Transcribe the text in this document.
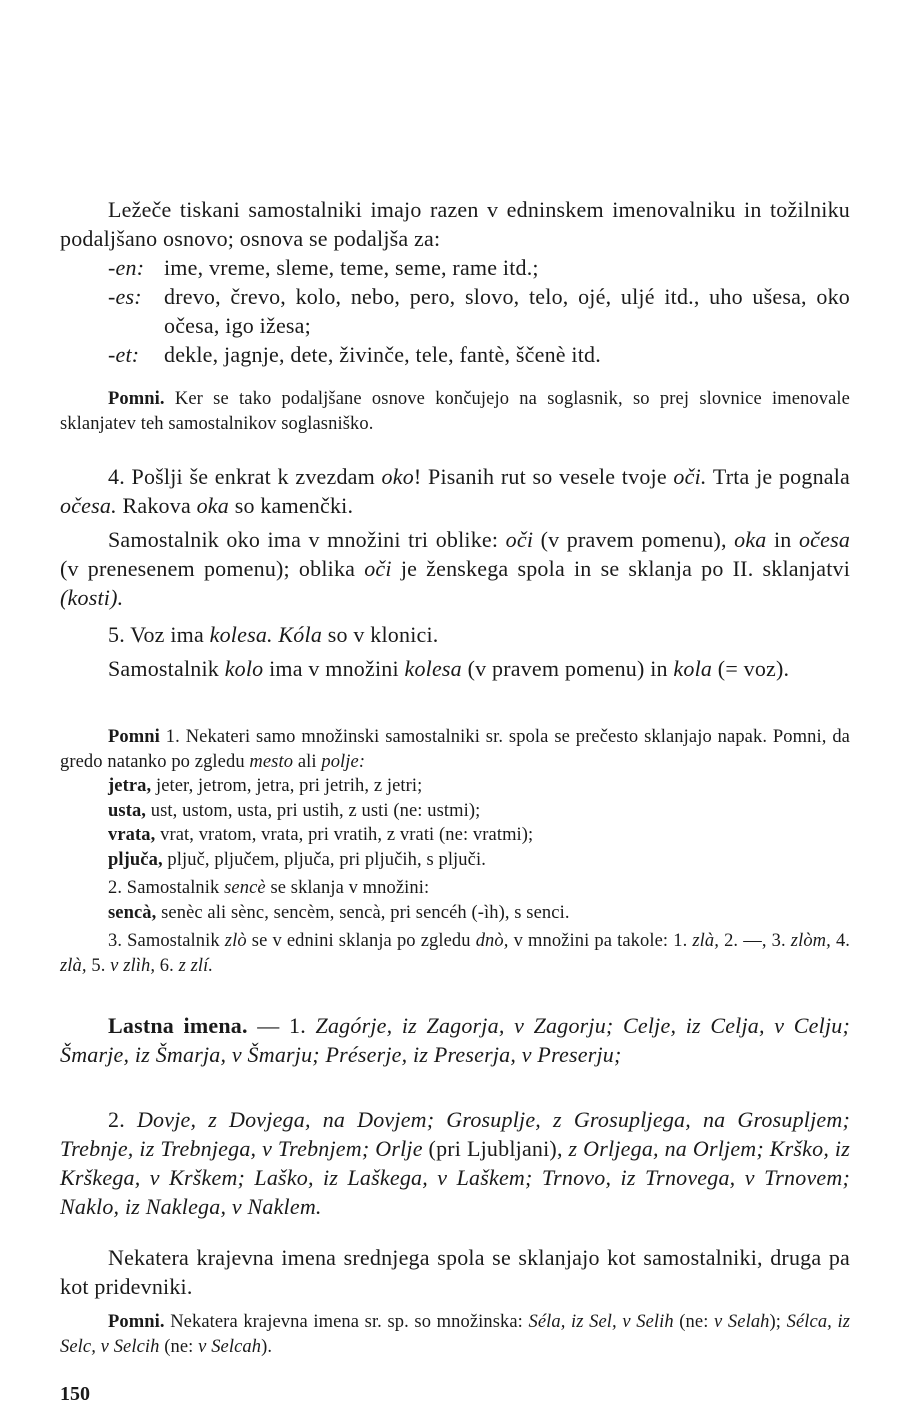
Ležeče tiskani samostalniki imajo razen v edninskem imenovalniku in tožilniku podaljšano osnovo; osnova se podaljša za:

-en: ime, vreme, sleme, teme, seme, rame itd.;

-es: drevo, črevo, kolo, nebo, pero, slovo, telo, ojé, uljé itd., uho ušesa, oko očesa, igo ižesa;

-et: dekle, jagnje, dete, živinče, tele, fantè, ščenè itd.

Pomni. Ker se tako podaljšane osnove končujejo na soglasnik, so prej slovnice imenovale sklanjatev teh samostalnikov soglasniško.

4. Pošlji še enkrat k zvezdam oko! Pisanih rut so vesele tvoje oči. Trta je pognala očesa. Rakova oka so kamenčki.

Samostalnik oko ima v množini tri oblike: oči (v pravem pomenu), oka in očesa (v prenesenem pomenu); oblika oči je ženskega spola in se sklanja po II. sklanjatvi (kosti).

5. Voz ima kolesa. Kóla so v klonici.

Samostalnik kolo ima v množini kolesa (v pravem pomenu) in kola (= voz).

Pomni 1. Nekateri samo množinski samostalniki sr. spola se prečesto sklanjajo napak. Pomni, da gredo natanko po zgledu mesto ali polje:

jetra, jeter, jetrom, jetra, pri jetrih, z jetri;

usta, ust, ustom, usta, pri ustih, z usti (ne: ustmi);

vrata, vrat, vratom, vrata, pri vratih, z vrati (ne: vratmi);

pljuča, pljuč, pljučem, pljuča, pri pljučih, s pljuči.

2. Samostalnik sencè se sklanja v množini:

sencà, senèc ali sènc, sencèm, sencà, pri sencéh (-ìh), s senci.

3. Samostalnik zlò se v ednini sklanja po zgledu dnò, v množini pa takole: 1. zlà, 2. —, 3. zlòm, 4. zlà, 5. v zlìh, 6. z zlí.

Lastna imena. — 1. Zagórje, iz Zagorja, v Zagorju; Celje, iz Celja, v Celju; Šmarje, iz Šmarja, v Šmarju; Préserje, iz Preserja, v Preserju;

2. Dovje, z Dovjega, na Dovjem; Grosuplje, z Grosupljega, na Grosupljem; Trebnje, iz Trebnjega, v Trebnjem; Orlje (pri Ljubljani), z Orljega, na Orljem; Krško, iz Krškega, v Krškem; Laško, iz Laškega, v Laškem; Trnovo, iz Trnovega, v Trnovem; Naklo, iz Naklega, v Naklem.

Nekatera krajevna imena srednjega spola se sklanjajo kot samostalniki, druga pa kot pridevniki.

Pomni. Nekatera krajevna imena sr. sp. so množinska: Séla, iz Sel, v Selih (ne: v Selah); Sélca, iz Selc, v Selcih (ne: v Selcah).

150
